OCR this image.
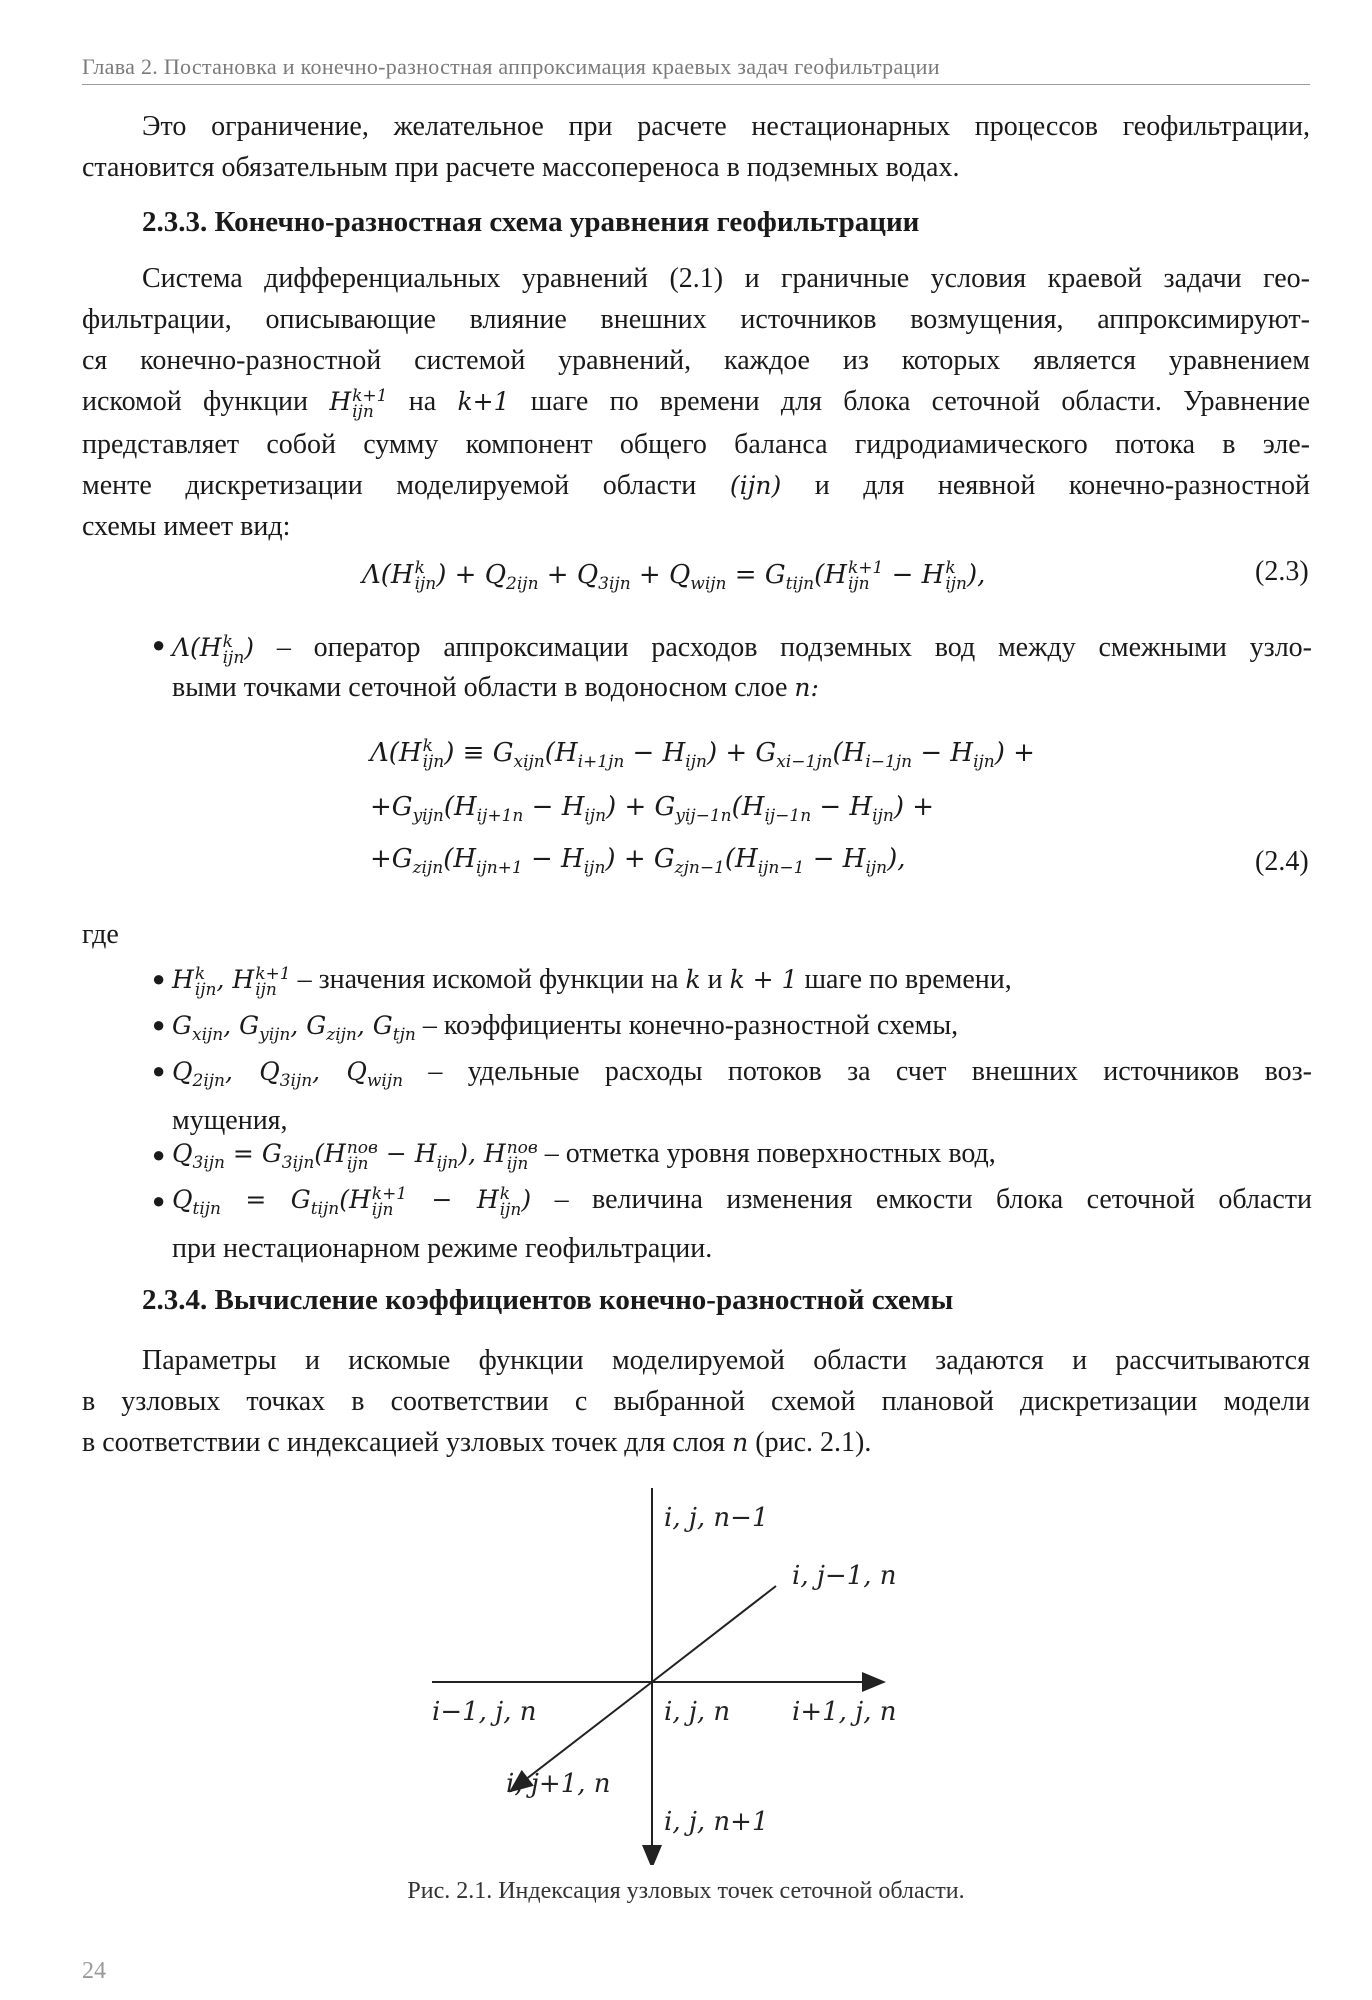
Глава 2. Постановка и конечно-разностная аппроксимация краевых задач геофильтрации
Это ограничение, желательное при расчете нестационарных процессов геофильтрации,
становится обязательным при расчете массопереноса в подземных водах.
2.3.3. Конечно-разностная схема уравнения геофильтрации
Система дифференциальных уравнений (2.1) и граничные условия краевой задачи гео-
фильтрации, описывающие влияние внешних источников возмущения, аппроксимируют-
ся конечно-разностной системой уравнений, каждое из которых является уравнением
искомой функции H k+1
ijn	на k+1 шаге по времени для блока сеточной области. Уравнение
представляет собой сумму компонент общего баланса гидродиамического потока в эле-
менте дискретизации моделируемой области (ijn) и для неявной конечно-разностной
схемы имеет вид:
Λ(H k
ijn ) + $Q_{2ijn} + Q_{3ijn} + Q_{wijn} = G_{tijn}(H$ k+1
ijn − H k
ijn ),	(2.3)
● Λ(H k
ijn ) – оператор аппроксимации расходов подземных вод между смежными узло-
выми точками сеточной области в водоносном слое n:
Λ(H k
ijn ) ≡ $G_{xijn}(H_{i+1jn} - H_{ijn}) + G_{xi-1jn}(H_{i-1jn} - H_{ijn})$ +
$+G_{yijn}(H_{ij+1n} - H_{ijn}) + G_{yij-1n}(H_{ij-1n} - H_{ijn})$ +
$+G_{zijn}(H_{ijn+1} - H_{ijn}) + G_{zjn-1}(H_{ijn-1} - H_{ijn})$,	(2.4)
где
● H k
ijn , H k+1
ijn – значения искомой функции на k и k + 1 шаге по времени,
● $G_{xijn}$, $G_{yijn}$, $G_{zijn}$, $G_{tjn}$ – коэффициенты конечно-разностной схемы,
● $Q_{2ijn}$, $Q_{3ijn}$, $Q_{wijn}$ – удельные расходы потоков за счет внешних источников воз-
мущения,
● $Q_{3ijn} = G_{3ijn}(H$ пов
ijn − $H_{ijn}$), H пов
ijn – отметка уровня поверхностных вод,
● $Q_{tijn} = G_{tijn}(H$ k+1
ijn − H k
ijn ) – величина изменения емкости блока сеточной области
при нестационарном режиме геофильтрации.
2.3.4. Вычисление коэффициентов конечно-разностной схемы
Параметры и искомые функции моделируемой области задаются и рассчитываются
в узловых точках в соответствии с выбранной схемой плановой дискретизации модели
в соответствии с индексацией узловых точек для слоя n (рис. 2.1).
i, j, n−1
i, j−1, n
i−1, j, n	i, j, n i+1, j, n
i, j+1, n
i, j, n+1
Рис. 2.1. Индексация узловых точек сеточной области.
24
